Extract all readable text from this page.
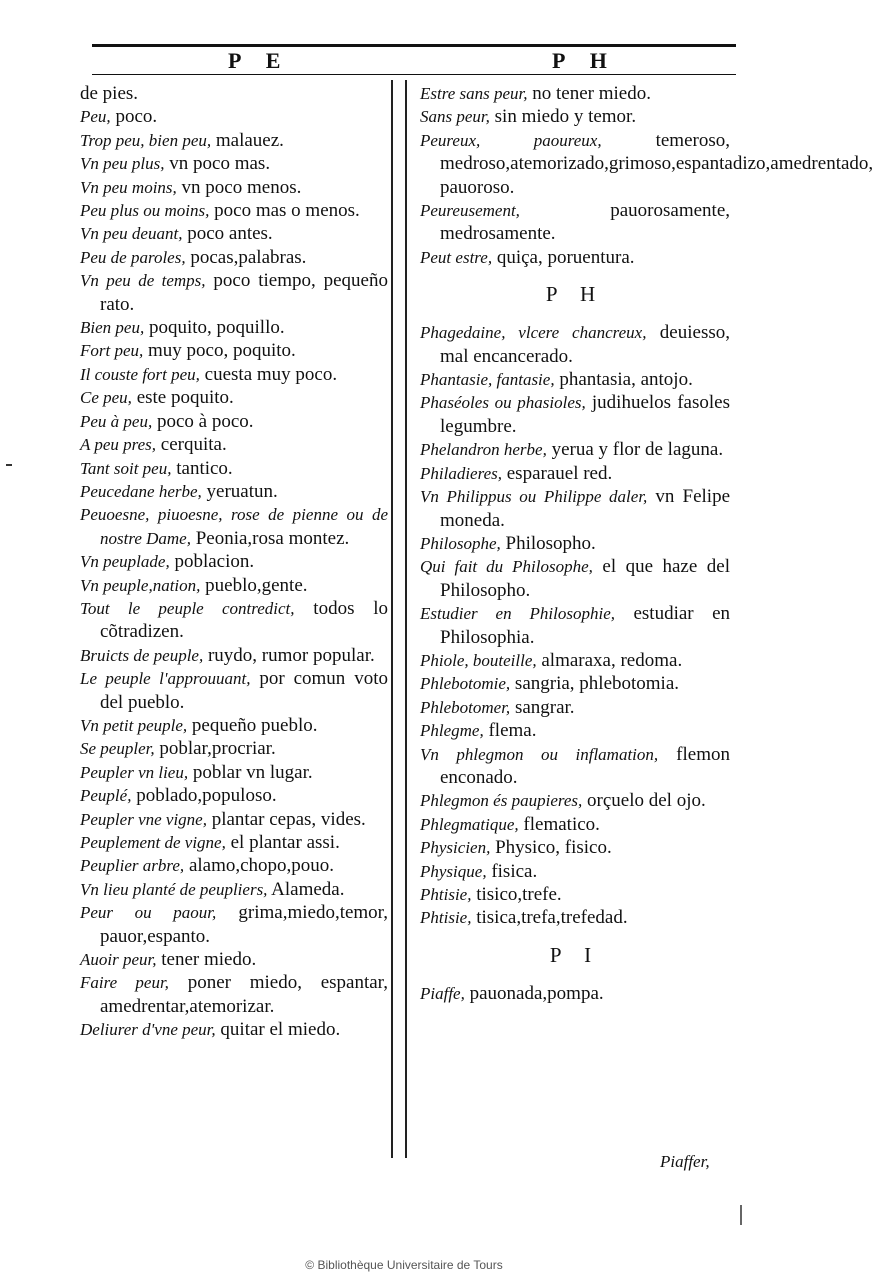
P E	P H

de pies.

Peu, poco.

Trop peu, bien peu, malauez.

Vn peu plus, vn poco mas.

Vn peu moins, vn poco menos.

Peu plus ou moins, poco mas o menos.

Vn peu deuant, poco antes.

Peu de paroles, pocas,palabras.

Vn peu de temps, poco tiempo, pequeño rato.

Bien peu, poquito, poquillo.

Fort peu, muy poco, poquito.

Il couste fort peu, cuesta muy poco.

Ce peu, este poquito.

Peu à peu, poco à poco.

A peu pres, cerquita.

Tant soit peu, tantico.

Peucedane herbe, yeruatun.

Peuoesne, piuoesne, rose de pienne ou de nostre Dame, Peonia,rosa montez.

Vn peuplade, poblacion.

Vn peuple,nation, pueblo,gente.

Tout le peuple contredict, todos lo cõtradizen.

Bruicts de peuple, ruydo, rumor popular.

Le peuple l'approuuant, por comun voto del pueblo.

Vn petit peuple, pequeño pueblo.

Se peupler, poblar,procriar.

Peupler vn lieu, poblar vn lugar.

Peuplé, poblado,populoso.

Peupler vne vigne, plantar cepas, vides.

Peuplement de vigne, el plantar assi.

Peuplier arbre, alamo,chopo,pouo.

Vn lieu planté de peupliers, Alameda.

Peur ou paour, grima,miedo,temor, pauor,espanto.

Auoir peur, tener miedo.

Faire peur, poner miedo, espantar, amedrentar,atemorizar.

Deliurer d'vne peur, quitar el miedo.

Estre sans peur, no tener miedo.

Sans peur, sin miedo y temor.

Peureux, paoureux, temeroso, medroso,atemorizado,grimoso,espantadizo,amedrentado, pauoroso.

Peureusement, pauorosamente, medrosamente.

Peut estre, quiça, poruentura.

P H

Phagedaine, vlcere chancreux, deuiesso, mal encancerado.

Phantasie, fantasie, phantasia, antojo.

Phaséoles ou phasioles, judihuelos fasoles legumbre.

Phelandron herbe, yerua y flor de laguna.

Philadieres, esparauel red.

Vn Philippus ou Philippe daler, vn Felipe moneda.

Philosophe, Philosopho.

Qui fait du Philosophe, el que haze del Philosopho.

Estudier en Philosophie, estudiar en Philosophia.

Phiole, bouteille, almaraxa, redoma.

Phlebotomie, sangria, phlebotomia.

Phlebotomer, sangrar.

Phlegme, flema.

Vn phlegmon ou inflamation, flemon enconado.

Phlegmon és paupieres, orçuelo del ojo.

Phlegmatique, flematico.

Physicien, Physico, fisico.

Physique, fisica.

Phtisie, tisico,trefe.

Phtisie, tisica,trefa,trefedad.

P I

Piaffe, pauonada,pompa.

Piaffer,
© Bibliothèque Universitaire de Tours
